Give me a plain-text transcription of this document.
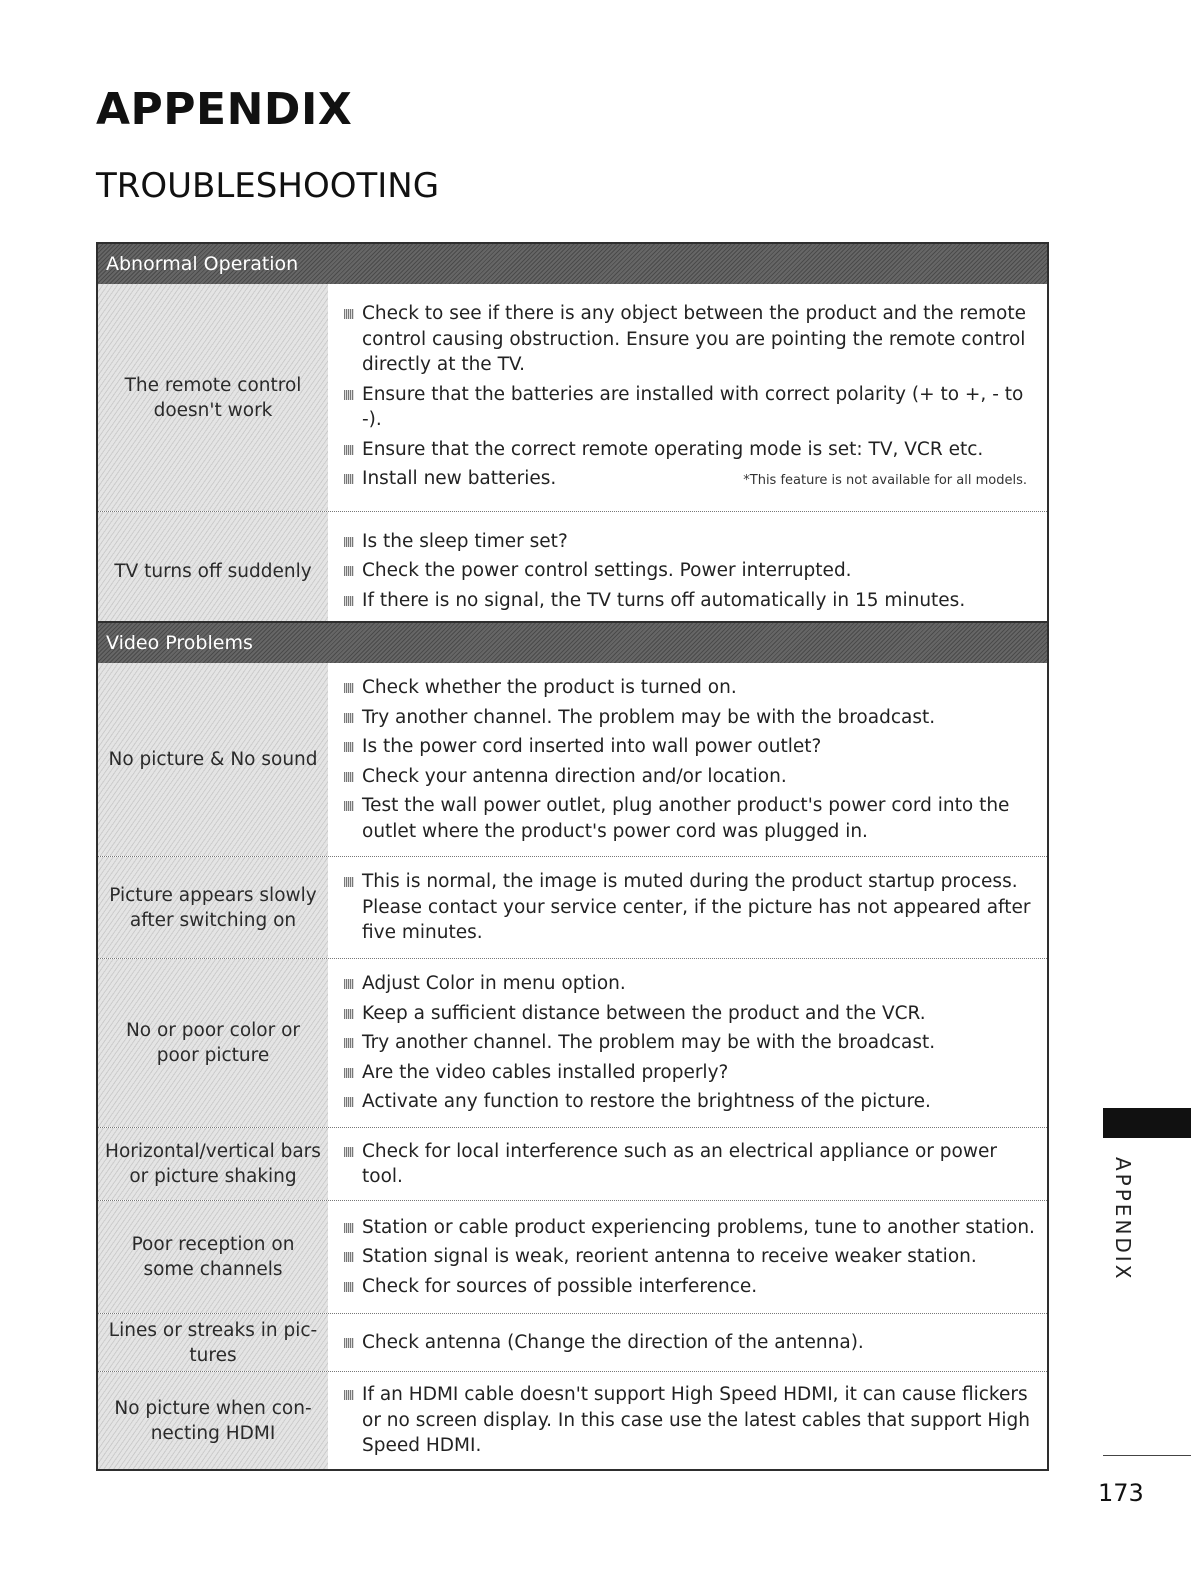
APPENDIX
TROUBLESHOOTING
Abnormal Operation
The remote control doesn't work
Check to see if there is any object between the product and the remote control causing obstruction. Ensure you are pointing the remote control directly at the TV.
Ensure that the batteries are installed with correct polarity (+ to +, - to -).
Ensure that the correct remote operating mode is set: TV, VCR etc.
Install new batteries.	*This feature is not available for all models.
TV turns off suddenly
Is the sleep timer set?
Check the power control settings. Power interrupted.
If there is no signal, the TV turns off automatically in 15 minutes.
Video Problems
No picture & No sound
Check whether the product is turned on.
Try another channel. The problem may be with the broadcast.
Is the power cord inserted into wall power outlet?
Check your antenna direction and/or location.
Test the wall power outlet, plug another product's power cord into the outlet where the product's power cord was plugged in.
Picture appears slowly after switching on
This is normal, the image is muted during the product startup process. Please contact your service center, if the picture has not appeared after five minutes.
No or poor color or poor picture
Adjust Color in menu option.
Keep a sufficient distance between the product and the VCR.
Try another channel. The problem may be with the broadcast.
Are the video cables installed properly?
Activate any function to restore the brightness of the picture.
Horizontal/vertical bars or picture shaking
Check for local interference such as an electrical appliance or power tool.
Poor reception on some channels
Station or cable product experiencing problems, tune to another station.
Station signal is weak, reorient antenna to receive weaker station.
Check for sources of possible interference.
Lines or streaks in pic- tures
Check antenna (Change the direction of the antenna).
No picture when con- necting HDMI
If an HDMI cable doesn't support High Speed HDMI, it can cause flickers or no screen display. In this case use the latest cables that support High Speed HDMI.
APPENDIX
173
